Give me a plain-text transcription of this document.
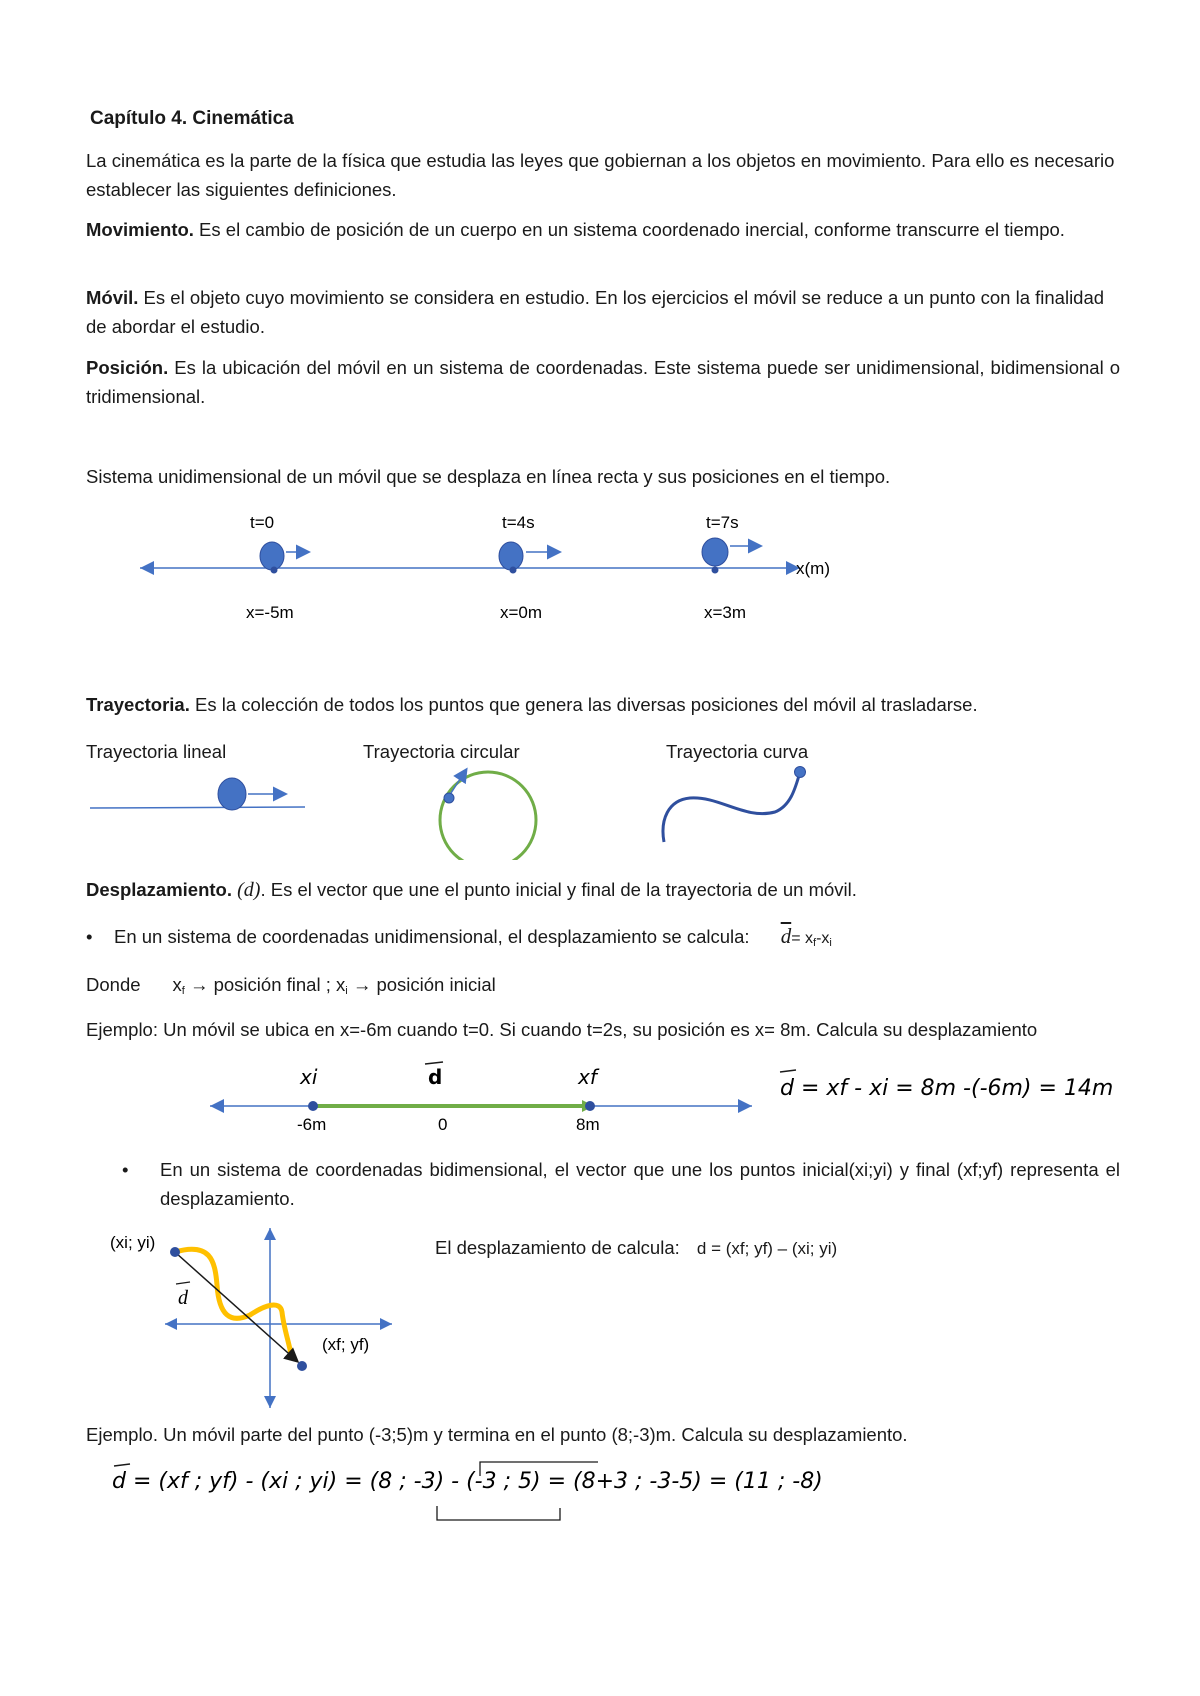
Capítulo 4. Cinemática

La cinemática es la parte de la física que estudia las leyes que gobiernan a los objetos en movimiento. Para ello es necesario establecer las siguientes definiciones.

Movimiento. Es el cambio de posición de un cuerpo en un sistema coordenado inercial, conforme transcurre el tiempo.

Móvil. Es el objeto cuyo movimiento se considera en estudio. En los ejercicios el móvil se reduce a un punto con la finalidad de abordar el estudio.

Posición. Es la ubicación del móvil en un sistema de coordenadas. Este sistema puede ser unidimensional, bidimensional o tridimensional.

Sistema unidimensional de un móvil que se desplaza en línea recta y sus posiciones en el tiempo.

t=0
x=-5m
t=4s
x=0m
t=7s
x=3m
x(m)

Trayectoria. Es la colección de todos los puntos que genera las diversas posiciones del móvil al trasladarse.

Trayectoria lineal	Trayectoria circular	Trayectoria curva

Desplazamiento. (d). Es el vector que une el punto inicial y final de la trayectoria de un móvil.

• En un sistema de coordenadas unidimensional, el desplazamiento se calcula: $\overline{d}= x_f-x_i$
Donde $x_f$ → posición final ; $x_i$ → posición inicial

Ejemplo: Un móvil se ubica en x=-6m cuando t=0. Si cuando t=2s, su posición es x= 8m. Calcula su desplazamiento

xi	d	xf
-6m	0	8m
d = xf - xi = 8m -(-6m) = 14m
• En un sistema de coordenadas bidimensional, el vector que une los puntos inicial(xi;yi) y final (xf;yf) representa el desplazamiento.
(xi; yi)
(xf; yf)
d
El desplazamiento de calcula: d = (xf; yf) – (xi; yi)

Ejemplo. Un móvil parte del punto (-3;5)m y termina en el punto (8;-3)m. Calcula su desplazamiento.

d = (xf ; yf) - (xi ; yi) = (8 ; -3) - (-3 ; 5) = (8+3 ; -3-5) = (11 ; -8)
